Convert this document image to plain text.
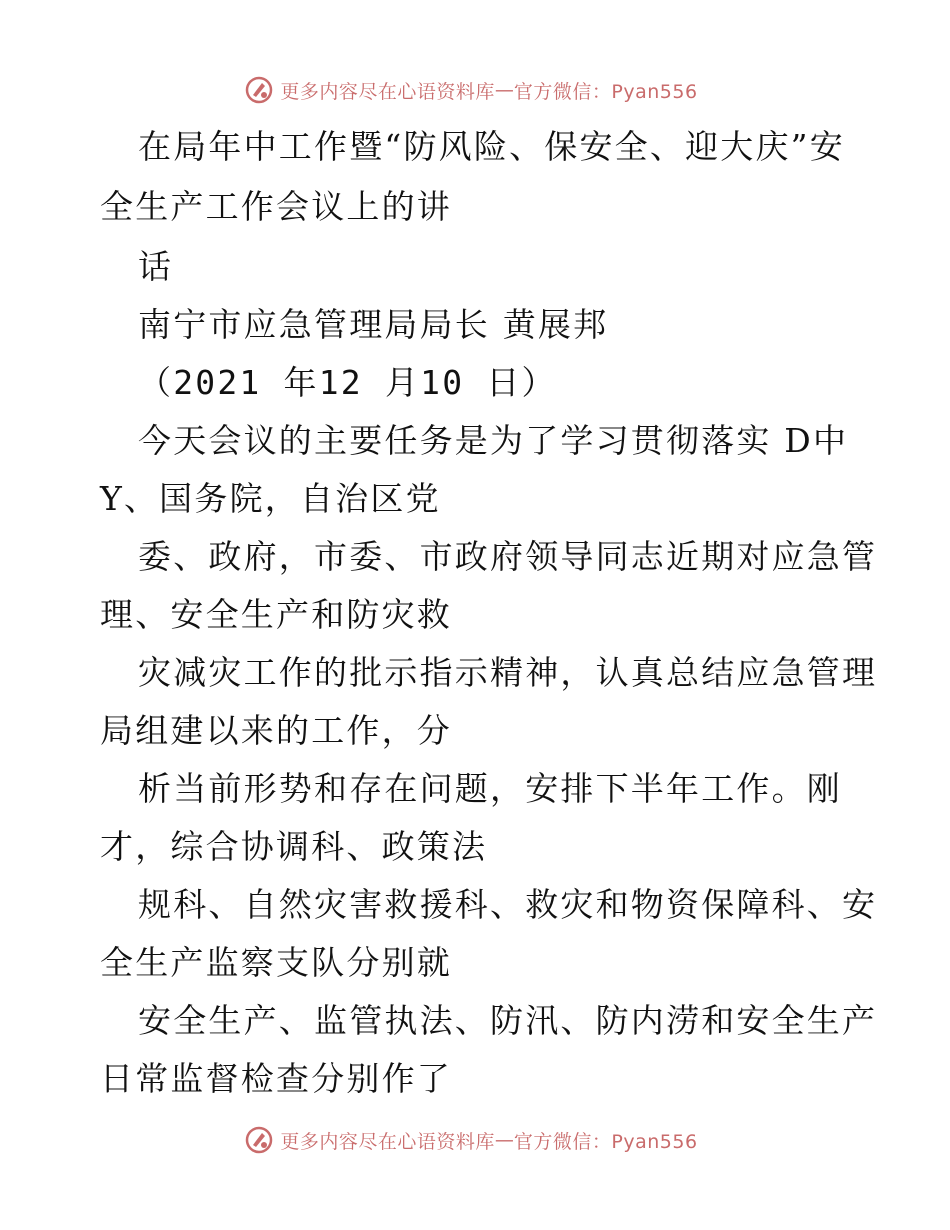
更多内容尽在心语资料库 — 官方微信：Pyan556
在局年中工作暨“防风险、保安全、迎大庆”安
全生产工作会议上的讲
话
南宁市应急管理局局长 黄展邦
（2021 年12 月10 日）
今天会议的主要任务是为了学习贯彻落实 D中
Y、国务院，自治区党
委、政府，市委、市政府领导同志近期对应急管
理、安全生产和防灾救
灾减灾工作的批示指示精神，认真总结应急管理
局组建以来的工作，分
析当前形势和存在问题，安排下半年工作。刚
才，综合协调科、政策法
规科、自然灾害救援科、救灾和物资保障科、安
全生产监察支队分别就
安全生产、监管执法、防汛、防内涝和安全生产
日常监督检查分别作了
更多内容尽在心语资料库 — 官方微信：Pyan556
